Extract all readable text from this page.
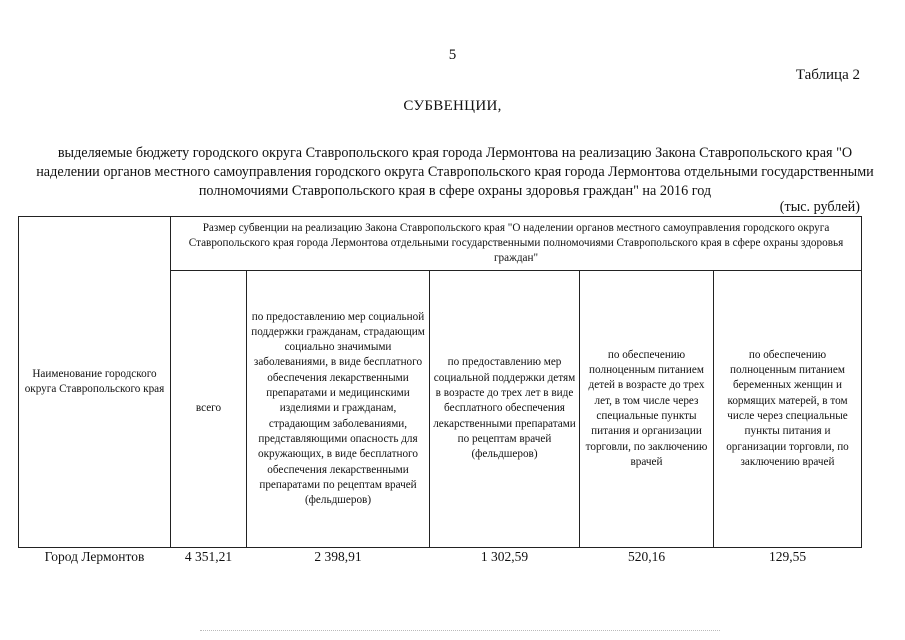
5
Таблица 2
СУБВЕНЦИИ,
выделяемые бюджету городского округа Ставропольского края города Лермонтова на реализацию Закона Ставропольского края "О наделении органов местного самоуправления городского округа Ставропольского края города Лермонтова отдельными государственными полномочиями Ставропольского края в сфере охраны здоровья граждан" на 2016 год
(тыс. рублей)
Наименование городского округа Ставропольского края	Размер субвенции на реализацию Закона Ставропольского края "О наделении органов местного самоуправления городского округа Ставропольского края города Лермонтова отдельными государственными полномочиями Ставропольского края в сфере охраны здоровья граждан"				
	всего	по предоставлению мер социальной поддержки гражданам, страдающим социально значимыми заболеваниями, в виде бесплатного обеспечения лекарственными препаратами и медицинскими изделиями и гражданам, страдающим заболеваниями, представляющими опасность для окружающих, в виде бесплатного обеспечения лекарственными препаратами по рецептам врачей (фельдшеров)	по предоставлению мер социальной поддержки детям в возрасте до трех лет в виде бесплатного обеспечения лекарственными препаратами по рецептам врачей (фельдшеров)	по обеспечению полноценным питанием детей в возрасте до трех лет, в том числе через специальные пункты питания и организации торговли, по заключению врачей	по обеспечению полноценным питанием беременных женщин и кормящих матерей, в том числе через специальные пункты питания и организации торговли, по заключению врачей
Город Лермонтов	4 351,21	2 398,91	1 302,59	520,16	129,55
